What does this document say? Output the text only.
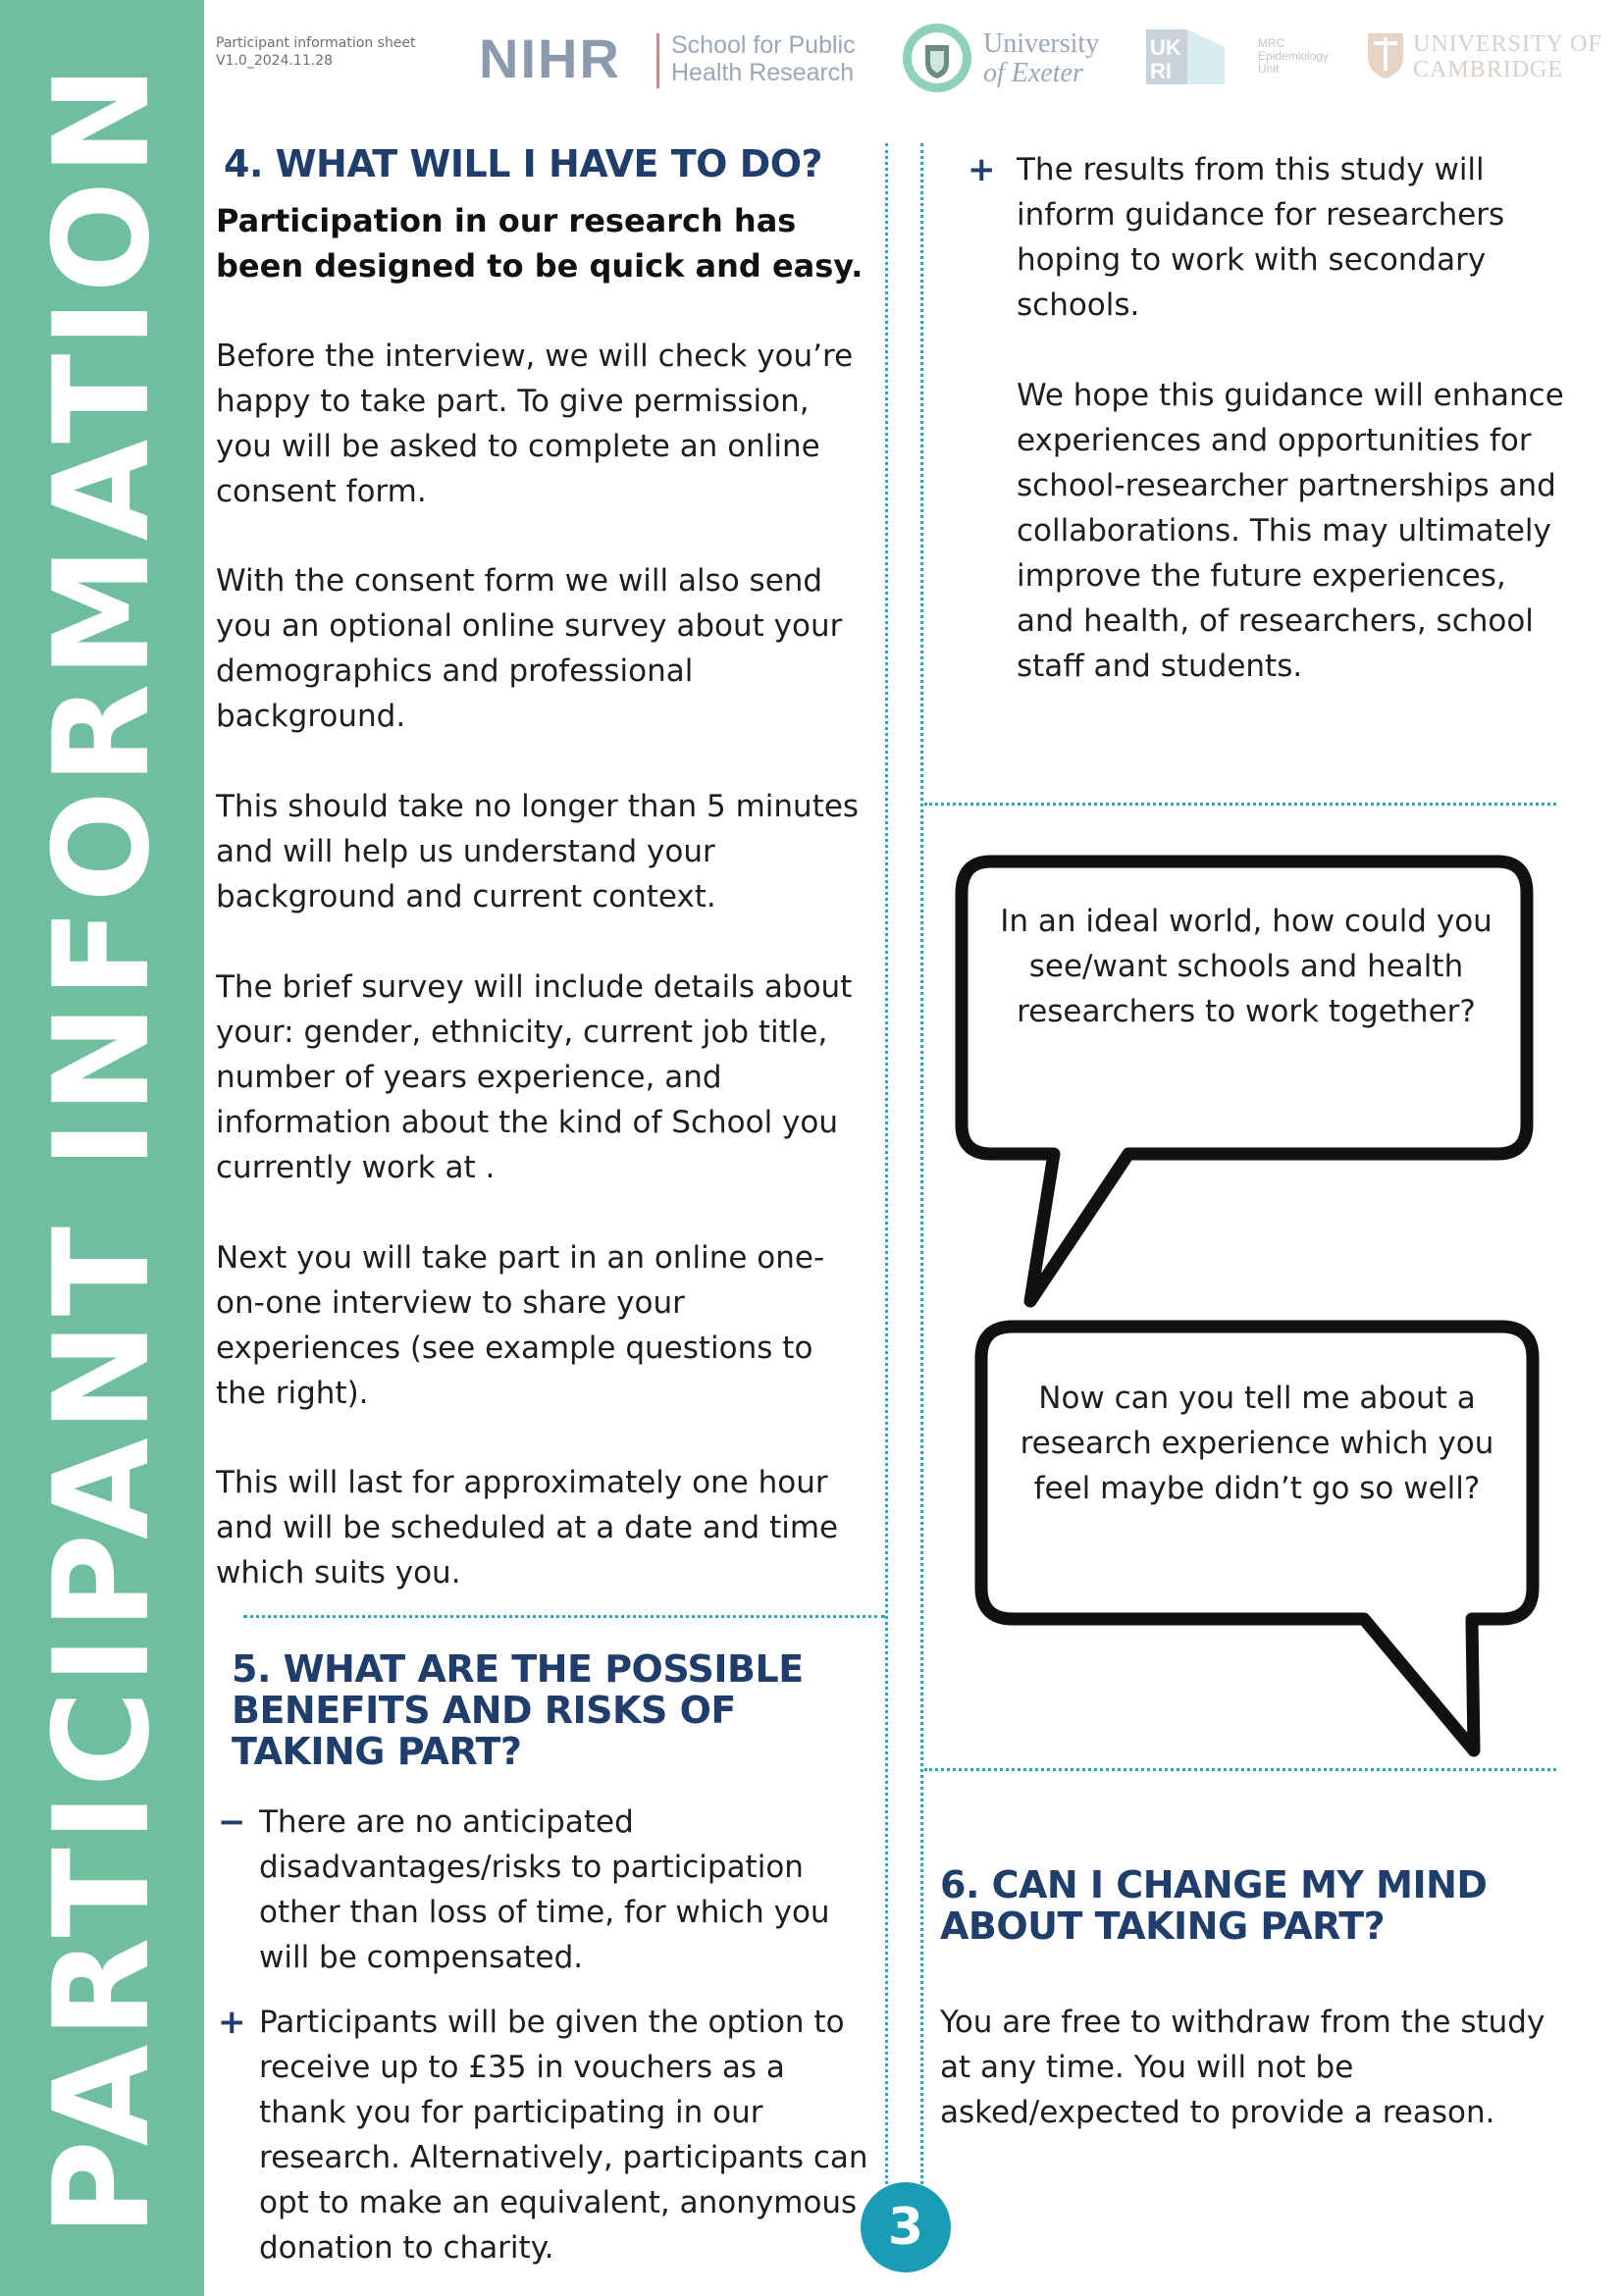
PARTICIPANT INFORMATION
Participant information sheet
V1.0_2024.11.28	NIHR School for Public
Health Research
University
of Exeter
UK
RI
MRC
Epidemiology
Unit
UNIVERSITY OF
CAMBRIDGE
4. WHAT WILL I HAVE TO DO?

Participation in our research has been designed to be quick and easy.

Before the interview, we will check you’re happy to take part. To give permission, you will be asked to complete an online consent form.

With the consent form we will also send you an optional online survey about your demographics and professional background.

This should take no longer than 5 minutes and will help us understand your background and current context.

The brief survey will include details about your: gender, ethnicity, current job title, number of years experience, and information about the kind of School you currently work at .

Next you will take part in an online one-on-one interview to share your experiences (see example questions to the right).

This will last for approximately one hour and will be scheduled at a date and time which suits you.

5. WHAT ARE THE POSSIBLE
BENEFITS AND RISKS OF
TAKING PART?
− There are no anticipated disadvantages/risks to participation other than loss of time, for which you will be compensated.

+ Participants will be given the option to receive up to £35 in vouchers as a thank you for participating in our research. Alternatively, participants can opt to make an equivalent, anonymous donation to charity.

+ The results from this study will inform guidance for researchers hoping to work with secondary schools.

We hope this guidance will enhance experiences and opportunities for school-researcher partnerships and collaborations. This may ultimately improve the future experiences, and health, of researchers, school staff and students.

In an ideal world, how could you see/want schools and health researchers to work together?

Now can you tell me about a research experience which you feel maybe didn’t go so well?

6. CAN I CHANGE MY MIND
ABOUT TAKING PART?

You are free to withdraw from the study at any time. You will not be asked/expected to provide a reason.

3
